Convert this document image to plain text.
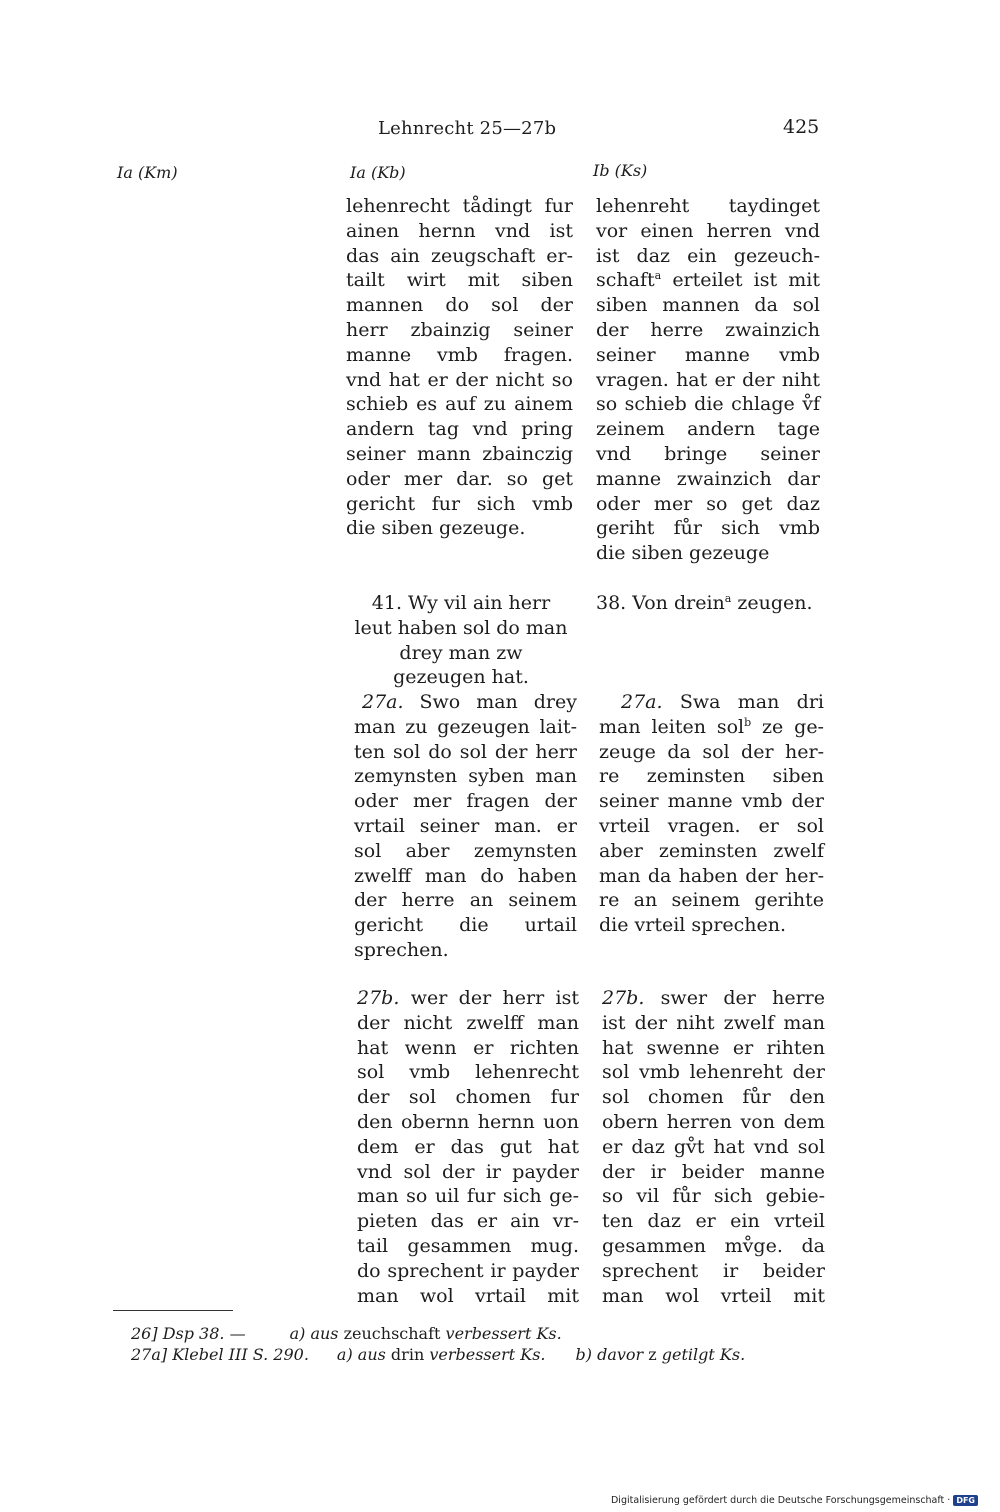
Lehnrecht 25—27b	425
Ia (Km)	Ia (Kb)	Ib (Ks)
lehenrecht tådingt fur
ainen hernn vnd ist
das ain zeugschaft er-
tailt wirt mit siben
mannen do sol der
herr zbainzig seiner
manne vmb fragen.
vnd hat er der nicht so
schieb es auf zu ainem
andern tag vnd pring
seiner mann zbainczig
oder mer dar. so get
gericht fur sich vmb
die siben gezeuge.
lehenreht taydinget
vor einen herren vnd
ist daz ein gezeuch-
schaft$^a$ erteilet ist mit
siben mannen da sol
der herre zwainzich
seiner manne vmb
vragen. hat er der niht
so schieb die chlage v̊f
zeinem andern tage
vnd bringe seiner
manne zwainzich dar
oder mer so get daz
geriht fůr sich vmb
die siben gezeuge
41. Wy vil ain herr
leut haben sol do man
drey man zw
gezeugen hat.
38. Von drein$^a$ zeugen.
27a. Swo man drey
man zu gezeugen lait-
ten sol do sol der herr
zemynsten syben man
oder mer fragen der
vrtail seiner man. er
sol aber zemynsten
zwelff man do haben
der herre an seinem
gericht die urtail
sprechen.
27a. Swa man dri
man leiten sol$^b$ ze ge-
zeuge da sol der her-
re zeminsten siben
seiner manne vmb der
vrteil vragen. er sol
aber zeminsten zwelf
man da haben der her-
re an seinem gerihte
die vrteil sprechen.
27b. wer der herr ist
der nicht zwelff man
hat wenn er richten
sol vmb lehenrecht
der sol chomen fur
den obernn hernn uon
dem er das gut hat
vnd sol der ir payder
man so uil fur sich ge-
pieten das er ain vr-
tail gesammen mug.
do sprechent ir payder
man wol vrtail mit
27b. swer der herre
ist der niht zwelf man
hat swenne er rihten
sol vmb lehenreht der
sol chomen fůr den
obern herren von dem
er daz gv̊t hat vnd sol
der ir beider manne
so vil fůr sich gebie-
ten daz er ein vrteil
gesammen mv̊ge. da
sprechent ir beider
man wol vrteil mit
26] Dsp 38. —	a) aus zeuchschaft verbessert Ks.
27a] Klebel III S. 290. a) aus drin verbessert Ks. b) davor z getilgt Ks.
Digitalisierung gefördert durch die Deutsche Forschungsgemeinschaft · DFG
